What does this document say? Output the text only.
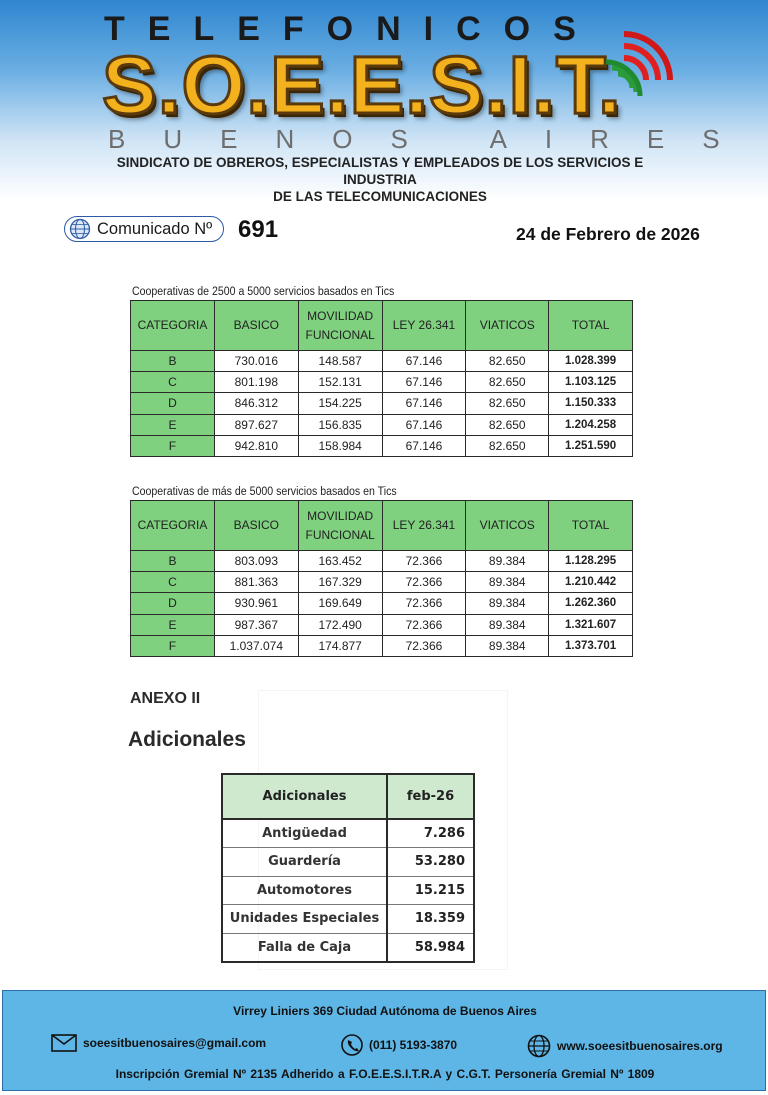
TELEFONICOS
S.O.E.E.S.I.T.
BUENOS AIRES
SINDICATO DE OBREROS, ESPECIALISTAS Y EMPLEADOS DE LOS SERVICIOS E INDUSTRIA
DE LAS TELECOMUNICACIONES
Comunicado Nº 691	24 de Febrero de 2026
Cooperativas de 2500 a 5000 servicios basados en Tics
CATEGORIA	BASICO	MOVILIDAD FUNCIONAL	LEY 26.341	VIATICOS	TOTAL
B	730.016	148.587	67.146	82.650	1.028.399
C	801.198	152.131	67.146	82.650	1.103.125
D	846.312	154.225	67.146	82.650	1.150.333
E	897.627	156.835	67.146	82.650	1.204.258
F	942.810	158.984	67.146	82.650	1.251.590
Cooperativas de más de 5000 servicios basados en Tics
CATEGORIA	BASICO	MOVILIDAD FUNCIONAL	LEY 26.341	VIATICOS	TOTAL
B	803.093	163.452	72.366	89.384	1.128.295
C	881.363	167.329	72.366	89.384	1.210.442
D	930.961	169.649	72.366	89.384	1.262.360
E	987.367	172.490	72.366	89.384	1.321.607
F	1.037.074	174.877	72.366	89.384	1.373.701
ANEXO II
Adicionales
Adicionales	feb-26
Antigüedad	7.286
Guardería	53.280
Automotores	15.215
Unidades Especiales	18.359
Falla de Caja	58.984
Virrey Liniers 369 Ciudad Autónoma de Buenos Aires
soeesitbuenosaires@gmail.com	(011) 5193-3870	www.soeesitbuenosaires.org
Inscripción Gremial Nº 2135 Adherido a F.O.E.E.S.I.T.R.A y C.G.T. Personería Gremial Nº 1809
